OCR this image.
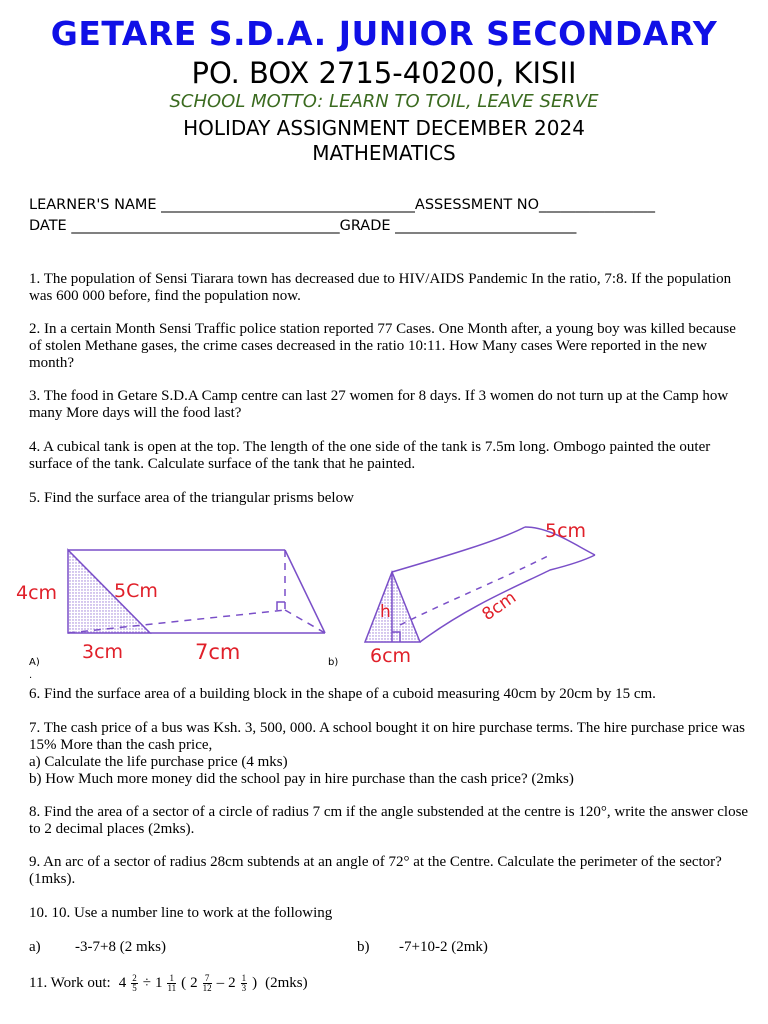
GETARE S.D.A. JUNIOR SECONDARY
PO. BOX 2715-40200, KISII
SCHOOL MOTTO: LEARN TO TOIL, LEAVE SERVE
HOLIDAY ASSIGNMENT DECEMBER 2024
MATHEMATICS
LEARNER'S NAME ___________________________________ASSESSMENT NO________________
DATE _____________________________________GRADE _________________________
1. The population of Sensi Tiarara town has decreased due to HIV/AIDS Pandemic In the ratio, 7:8. If the population was 600 000 before, find the population now.
2. In a certain Month Sensi Traffic police station reported 77 Cases. One Month after, a young boy was killed because of stolen Methane gases, the crime cases decreased in the ratio 10:11. How Many cases Were reported in the new month?
3. The food in Getare S.D.A Camp centre can last 27 women for 8 days. If 3 women do not turn up at the Camp how many More days will the food last?
4. A cubical tank is open at the top. The length of the one side of the tank is 7.5m long. Ombogo painted the outer surface of the tank. Calculate surface of the tank that he painted.
5. Find the surface area of the triangular prisms below
4cm	5Cm
3cm	7cm
A)
.
h
5cm
8cm
6cm
b)
6. Find the surface area of a building block in the shape of a cuboid measuring 40cm by 20cm by 15 cm.
7. The cash price of a bus was Ksh. 3, 500, 000. A school bought it on hire purchase terms. The hire purchase price was 15% More than the cash price,
a) Calculate the life purchase price (4 mks)
b) How Much more money did the school pay in hire purchase than the cash price? (2mks)
8. Find the area of a sector of a circle of radius 7 cm if the angle substended at the centre is 120°, write the answer close to 2 decimal places (2mks).
9. An arc of a sector of radius 28cm subtends at an angle of 72° at the Centre. Calculate the perimeter of the sector? (1mks).
10. 10. Use a number line to work at the following
a) -3-7+8 (2 mks)	b) -7+10-2 (2mk)
11. Work out: $4 \frac{2}{5} \div 1 \frac{1}{11}$ ( $2 \frac{7}{12} - 2 \frac{1}{3}$ ) (2mks)
